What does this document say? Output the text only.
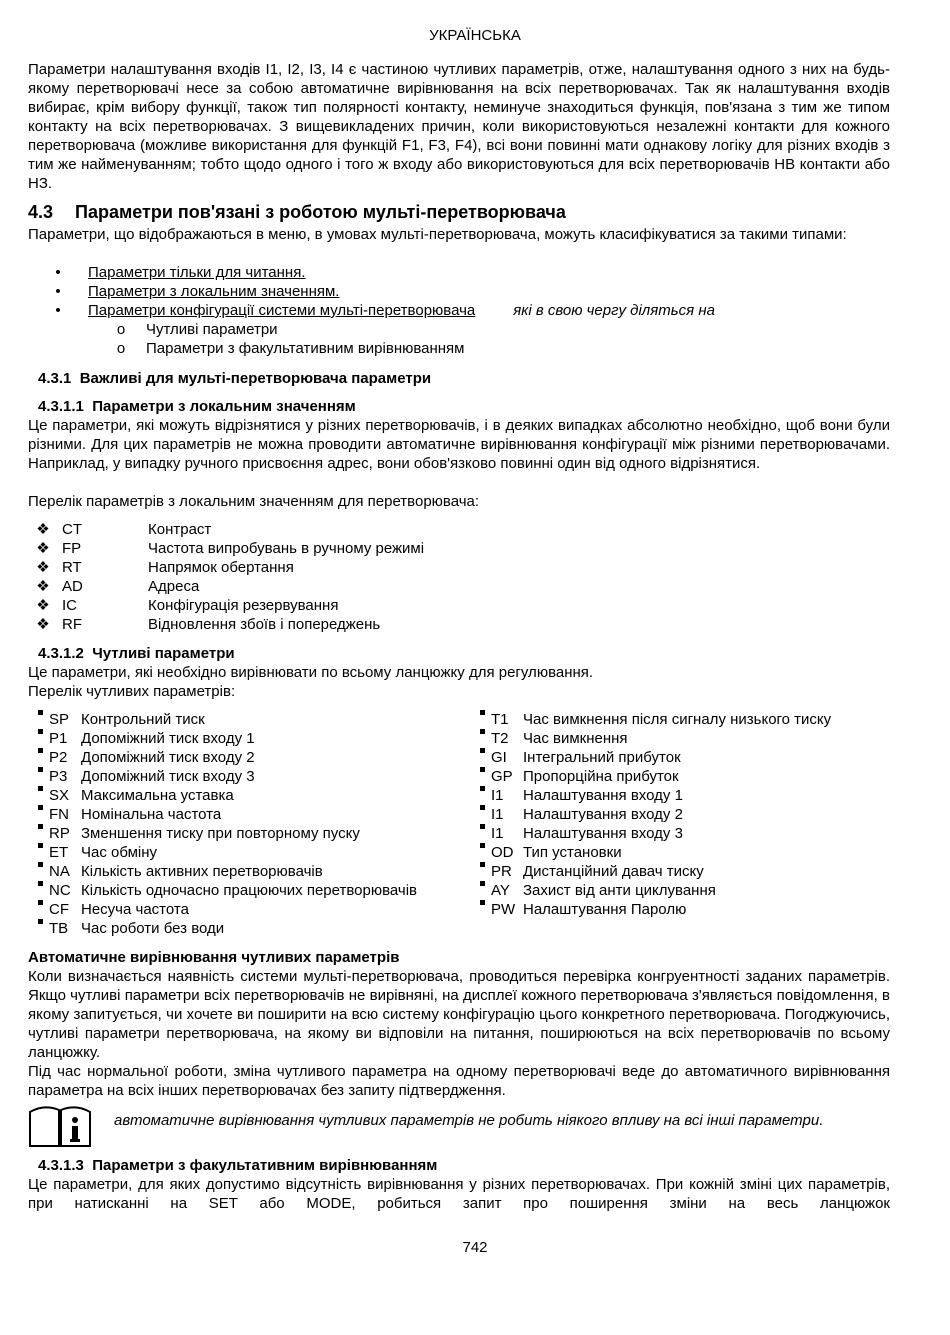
УКРАЇНСЬКА
Параметри налаштування входів I1, I2, I3, I4 є частиною чутливих параметрів, отже, налаштування одного з них на будь-якому перетворювачі несе за собою автоматичне вирівнювання на всіх перетворювачах. Так як налаштування входів вибирає, крім вибору функції, також тип полярності контакту, неминуче знаходиться функція, пов'язана з тим же типом контакту на всіх перетворювачах. З вищевикладених причин, коли використовуються незалежні контакти для кожного перетворювача (можливе використання для функцій F1, F3, F4), всі вони повинні мати однакову логіку для різних входів з тим же найменуванням; тобто щодо одного і того ж входу або використовуються для всіх перетворювачів НВ контакти або НЗ.
4.3 Параметри пов'язані з роботою мульті-перетворювача
Параметри, що відображаються в меню, в умовах мульті-перетворювача, можуть класифікуватися за такими типами:
•	Параметри тільки для читання.
•	Параметри з локальним значенням.
•	Параметри конфігурації системи мульті-перетворювача	які в свою чергу діляться на
o Чутливі параметри
o Параметри з факультативним вирівнюванням
4.3.1 Важливі для мульті-перетворювача параметри
4.3.1.1 Параметри з локальним значенням
Це параметри, які можуть відрізнятися у різних перетворювачів, і в деяких випадках абсолютно необхідно, щоб вони були різними. Для цих параметрів не можна проводити автоматичне вирівнювання конфігурації між різними перетворювачами. Наприклад, у випадку ручного присвоєння адрес, вони обов'язково повинні один від одного відрізнятися.
Перелік параметрів з локальним значенням для перетворювача:
❖ CT	Контраст
❖ FP	Частота випробувань в ручному режимі
❖ RT	Напрямок обертання
❖ AD	Адреса
❖ IC	Конфігурація резервування
❖ RF	Відновлення збоїв і попереджень
4.3.1.2 Чутливі параметри
Це параметри, які необхідно вирівнювати по всьому ланцюжку для регулювання.
Перелік чутливих параметрів:
SP Контрольний тиск
P1 Допоміжний тиск входу 1
P2 Допоміжний тиск входу 2
P3 Допоміжний тиск входу 3
SX Максимальна уставка
FN Номінальна частота
RP Зменшення тиску при повторному пуску
ET Час обміну
NA Кількість активних перетворювачів
NC Кількість одночасно працюючих перетворювачів
CF Несуча частота
TB Час роботи без води
T1 Час вимкнення після сигналу низького тиску
T2 Час вимкнення
GI	Інтегральний прибуток
GP Пропорційна прибуток
I1	Налаштування входу 1
I1	Налаштування входу 2
I1	Налаштування входу 3
OD Тип установки
PR Дистанційний давач тиску
AY Захист від анти циклування
PW Налаштування Паролю
Автоматичне вирівнювання чутливих параметрів
Коли визначається наявність системи мульті-перетворювача, проводиться перевірка конгруентності заданих параметрів. Якщо чутливі параметри всіх перетворювачів не вирівняні, на дисплеї кожного перетворювача з'являється повідомлення, в якому запитується, чи хочете ви поширити на всю систему конфігурацію цього конкретного перетворювача. Погоджуючись, чутливі параметри перетворювача, на якому ви відповіли на питання, поширюються на всіх перетворювачів по всьому ланцюжку.
Під час нормальної роботи, зміна чутливого параметра на одному перетворювачі веде до автоматичного вирівнювання параметра на всіх інших перетворювачах без запиту підтвердження.
автоматичне вирівнювання чутливих параметрів не робить ніякого впливу на всі інші параметри.
4.3.1.3 Параметри з факультативним вирівнюванням
Це параметри, для яких допустимо відсутність вирівнювання у різних перетворювачах. При кожній зміні цих параметрів, при натисканні на SET або MODE, робиться запит про поширення зміни на весь ланцюжок
742
